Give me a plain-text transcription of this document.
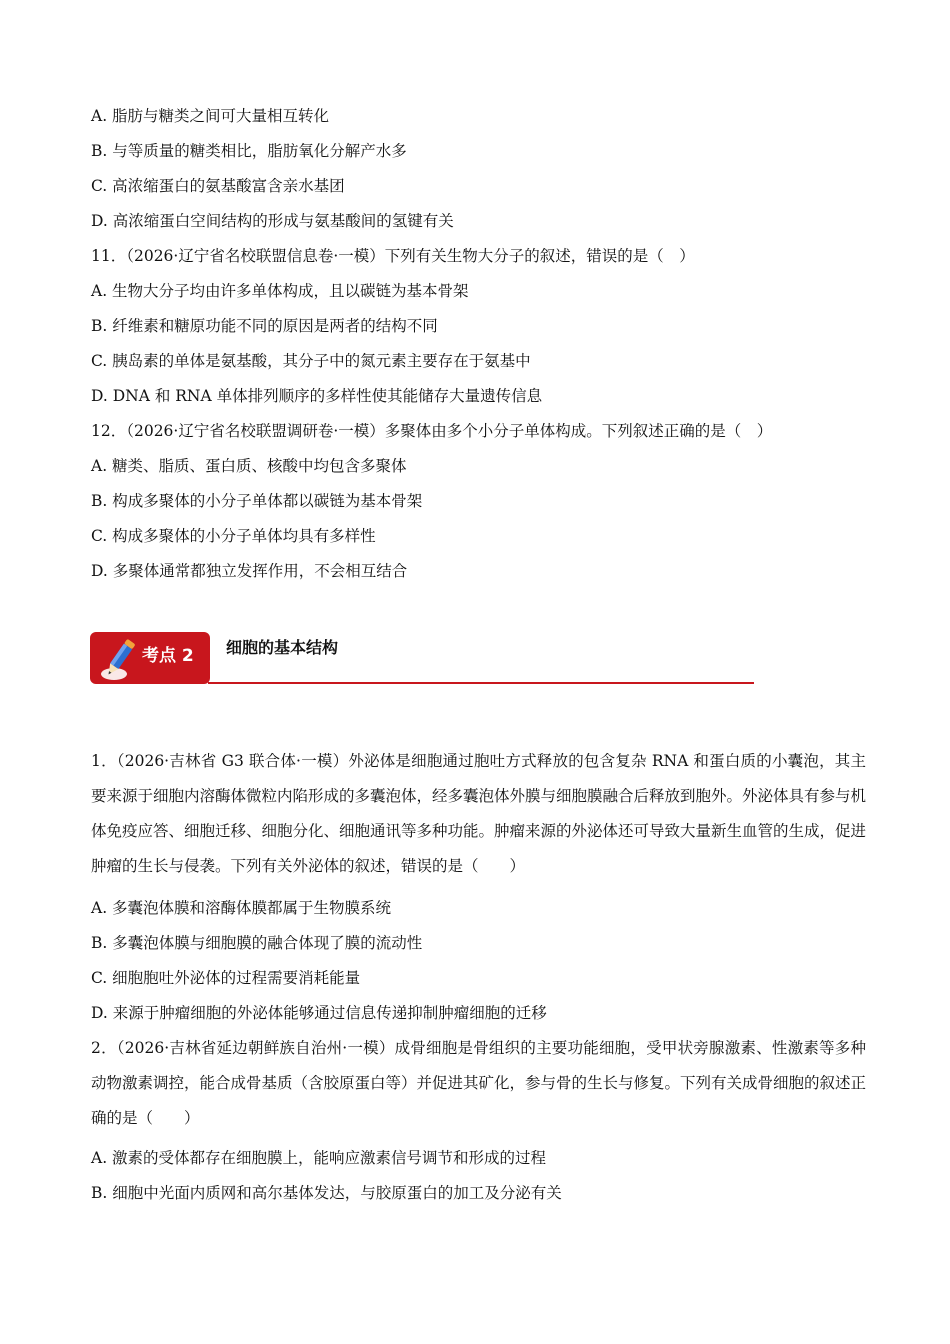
A. 脂肪与糖类之间可大量相互转化
B. 与等质量的糖类相比，脂肪氧化分解产水多
C. 高浓缩蛋白的氨基酸富含亲水基团
D. 高浓缩蛋白空间结构的形成与氨基酸间的氢键有关
11．（2026·辽宁省名校联盟信息卷·一模）下列有关生物大分子的叙述，错误的是（　）
A. 生物大分子均由许多单体构成，且以碳链为基本骨架
B. 纤维素和糖原功能不同的原因是两者的结构不同
C. 胰岛素的单体是氨基酸，其分子中的氮元素主要存在于氨基中
D. DNA 和 RNA 单体排列顺序的多样性使其能储存大量遗传信息
12．（2026·辽宁省名校联盟调研卷·一模）多聚体由多个小分子单体构成。下列叙述正确的是（　）
A. 糖类、脂质、蛋白质、核酸中均包含多聚体
B. 构成多聚体的小分子单体都以碳链为基本骨架
C. 构成多聚体的小分子单体均具有多样性
D. 多聚体通常都独立发挥作用，不会相互结合
考点 2 细胞的基本结构
1．（2026·吉林省 G3 联合体·一模）外泌体是细胞通过胞吐方式释放的包含复杂 RNA 和蛋白质的小囊泡，其主要来源于细胞内溶酶体微粒内陷形成的多囊泡体，经多囊泡体外膜与细胞膜融合后释放到胞外。外泌体具有参与机体免疫应答、细胞迁移、细胞分化、细胞通讯等多种功能。肿瘤来源的外泌体还可导致大量新生血管的生成，促进肿瘤的生长与侵袭。下列有关外泌体的叙述，错误的是（　　）
A. 多囊泡体膜和溶酶体膜都属于生物膜系统
B. 多囊泡体膜与细胞膜的融合体现了膜的流动性
C. 细胞胞吐外泌体的过程需要消耗能量
D. 来源于肿瘤细胞的外泌体能够通过信息传递抑制肿瘤细胞的迁移
2．（2026·吉林省延边朝鲜族自治州·一模）成骨细胞是骨组织的主要功能细胞，受甲状旁腺激素、性激素等多种动物激素调控，能合成骨基质（含胶原蛋白等）并促进其矿化，参与骨的生长与修复。下列有关成骨细胞的叙述正确的是（　　）
A. 激素的受体都存在细胞膜上，能响应激素信号调节和形成的过程
B. 细胞中光面内质网和高尔基体发达，与胶原蛋白的加工及分泌有关
